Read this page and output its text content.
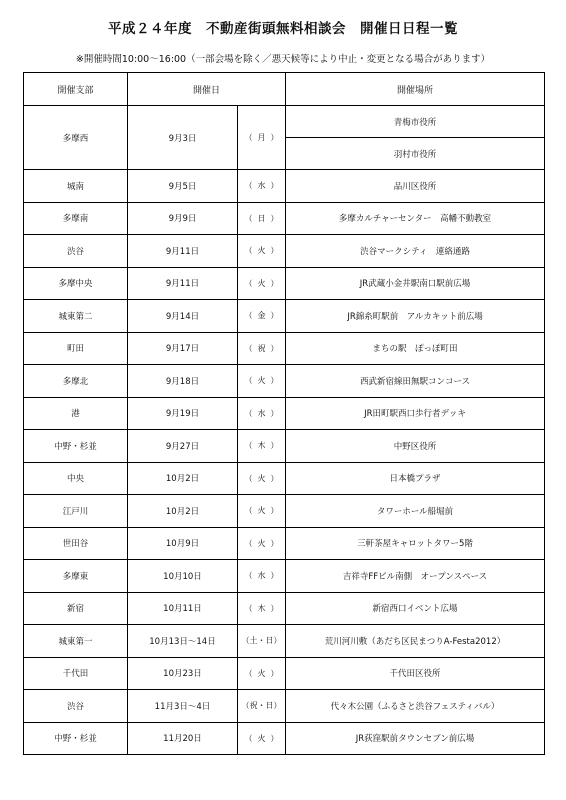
平成２４年度　不動産街頭無料相談会　開催日日程一覧
※開催時間10:00～16:00（一部会場を除く／悪天候等により中止・変更となる場合があります）
開催支部	開催日		開催場所
多摩西	9月3日	（ 月 ）	青梅市役所
			羽村市役所
城南	9月5日	（ 水 ）	品川区役所
多摩南	9月9日	（ 日 ）	多摩カルチャーセンター　高幡不動教室
渋谷	9月11日	（ 火 ）	渋谷マークシティ　連絡通路
多摩中央	9月11日	（ 火 ）	JR武蔵小金井駅南口駅前広場
城東第二	9月14日	（ 金 ）	JR錦糸町駅前　アルカキット前広場
町田	9月17日	（ 祝 ）	まちの駅　ぽっぽ町田
多摩北	9月18日	（ 火 ）	西武新宿線田無駅コンコース
港	9月19日	（ 水 ）	JR田町駅西口歩行者デッキ
中野・杉並	9月27日	（ 木 ）	中野区役所
中央	10月2日	（ 火 ）	日本橋プラザ
江戸川	10月2日	（ 火 ）	タワーホール船堀前
世田谷	10月9日	（ 火 ）	三軒茶屋キャロットタワー5階
多摩東	10月10日	（ 水 ）	吉祥寺FFビル南側　オープンスペース
新宿	10月11日	（ 木 ）	新宿西口イベント広場
城東第一	10月13日～14日	（土・日）	荒川河川敷（あだち区民まつりA-Festa2012）
千代田	10月23日	（ 火 ）	千代田区役所
渋谷	11月3日～4日	（祝・日）	代々木公園（ふるさと渋谷フェスティバル）
中野・杉並	11月20日	（ 火 ）	JR荻窪駅前タウンセブン前広場
